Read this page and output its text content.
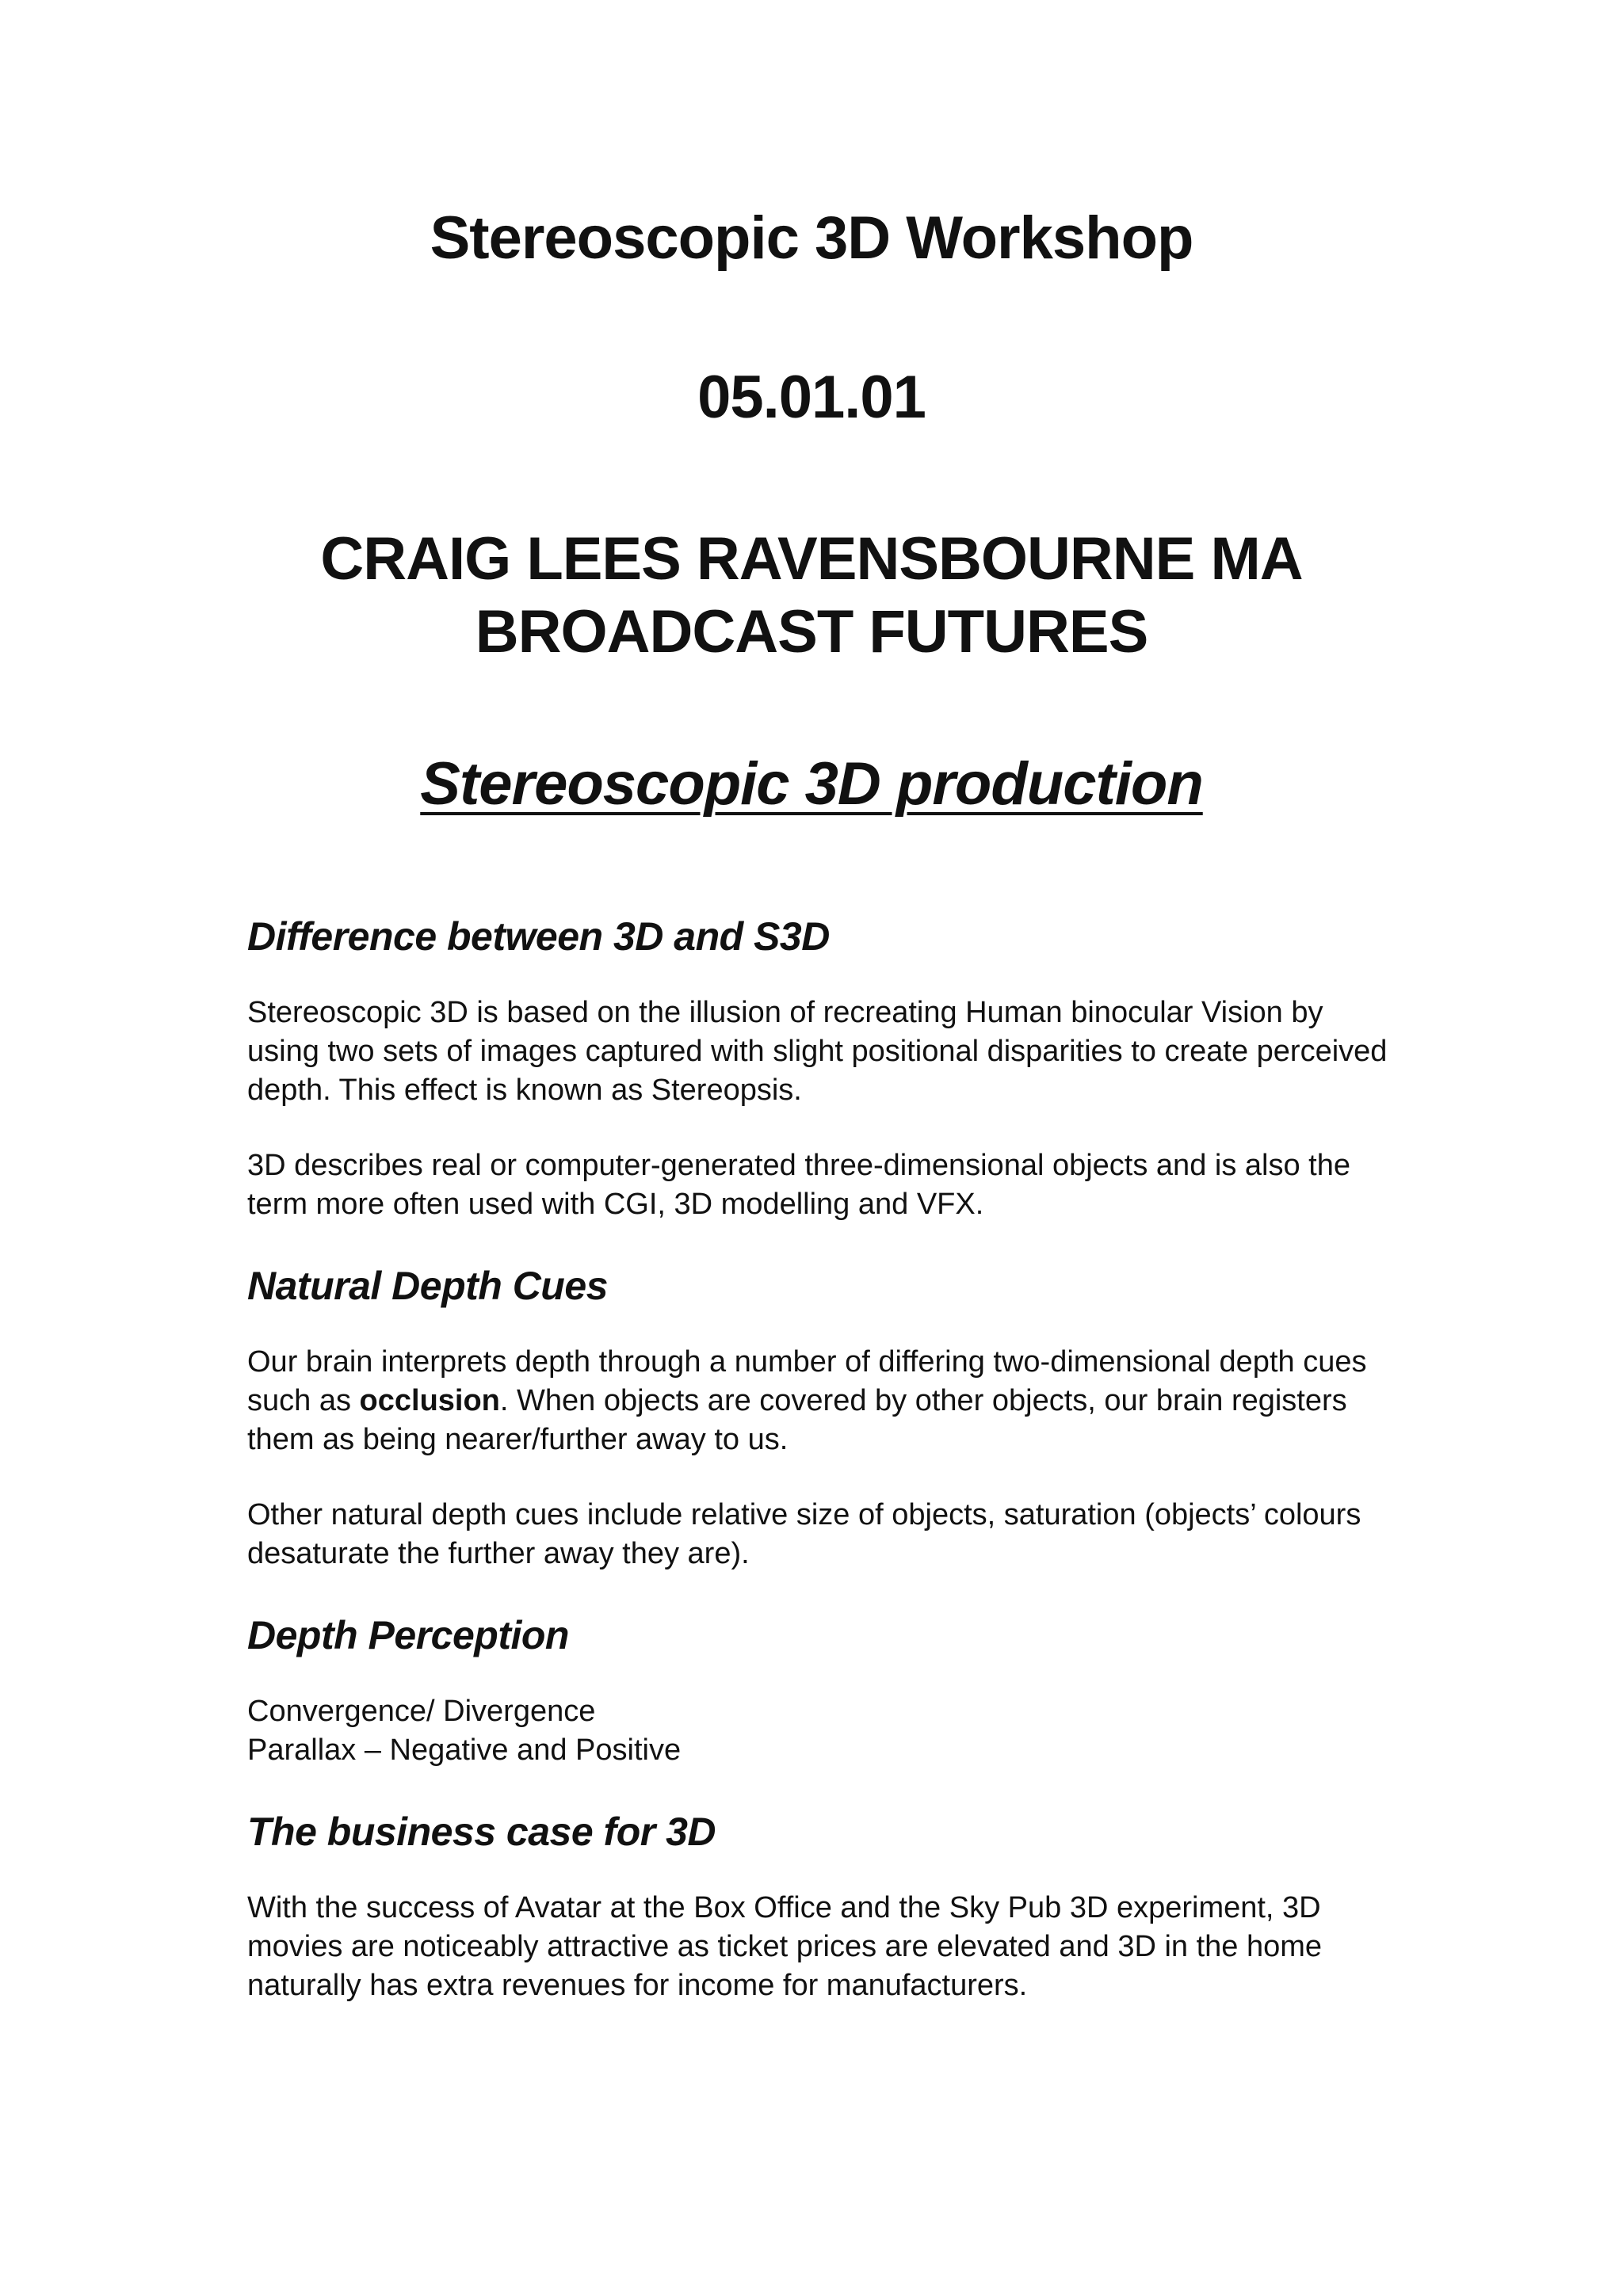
Stereoscopic 3D Workshop
05.01.01
CRAIG LEES RAVENSBOURNE MA
BROADCAST FUTURES
Stereoscopic 3D production
Difference between 3D and S3D

Stereoscopic 3D is based on the illusion of recreating Human binocular Vision by using two sets of images captured with slight positional disparities to create perceived depth. This effect is known as Stereopsis.

3D describes real or computer-generated three-dimensional objects and is also the term more often used with CGI, 3D modelling and VFX.

Natural Depth Cues

Our brain interprets depth through a number of differing two-dimensional depth cues such as occlusion. When objects are covered by other objects, our brain registers them as being nearer/further away to us.

Other natural depth cues include relative size of objects, saturation (objects’ colours desaturate the further away they are).

Depth Perception

Convergence/ Divergence
Parallax – Negative and Positive

The business case for 3D

With the success of Avatar at the Box Office and the Sky Pub 3D experiment, 3D movies are noticeably attractive as ticket prices are elevated and 3D in the home naturally has extra revenues for income for manufacturers.
